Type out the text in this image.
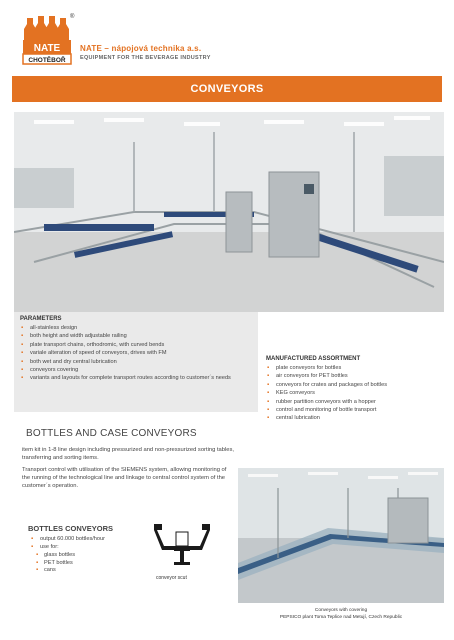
NATE
CHOTĚBOŘ
®
NATE – nápojová technika a.s.
EQUIPMENT FOR THE BEVERAGE INDUSTRY
CONVEYORS
PARAMETERS
▪ all-stainless design
▪ both height and width adjustable railing
▪ plate transport chains, orthodromic, with curved bends
▪ variale alteration of speed of conveyors, drives with FM
▪ both wet and dry central lubrication
▪ conveyors covering
▪ variants and layouts for complete transport routes according to customer´s needs
MANUFACTURED ASSORTMENT
▪ plate conveyors for bottles
▪ air conveyors for PET bottles
▪ conveyors for crates and packages of bottles
▪ KEG conveyors
▪ rubber partition conveyors with a hopper
▪ control and monitoring of bottle transport
▪ central lubrication
BOTTLES AND CASE CONVEYORS
item kit in 1-8 line design including pressurized and non-pressurized sorting tables, transferring and sorting items.
Transport control with utilisation of the SIEMENS system, allowing monitoring of the running of the technological line and linkage to central control system of the customer´s operation.
BOTTLES CONVEYORS
▪ output 60.000 bottles/hour
▪ use for:
▪ glass bottles
▪ PET bottles
▪ cans
conveyor scut
Conveyors with covering
PEPSICO plant Toma Teplice nad Metují, Czech Republic
